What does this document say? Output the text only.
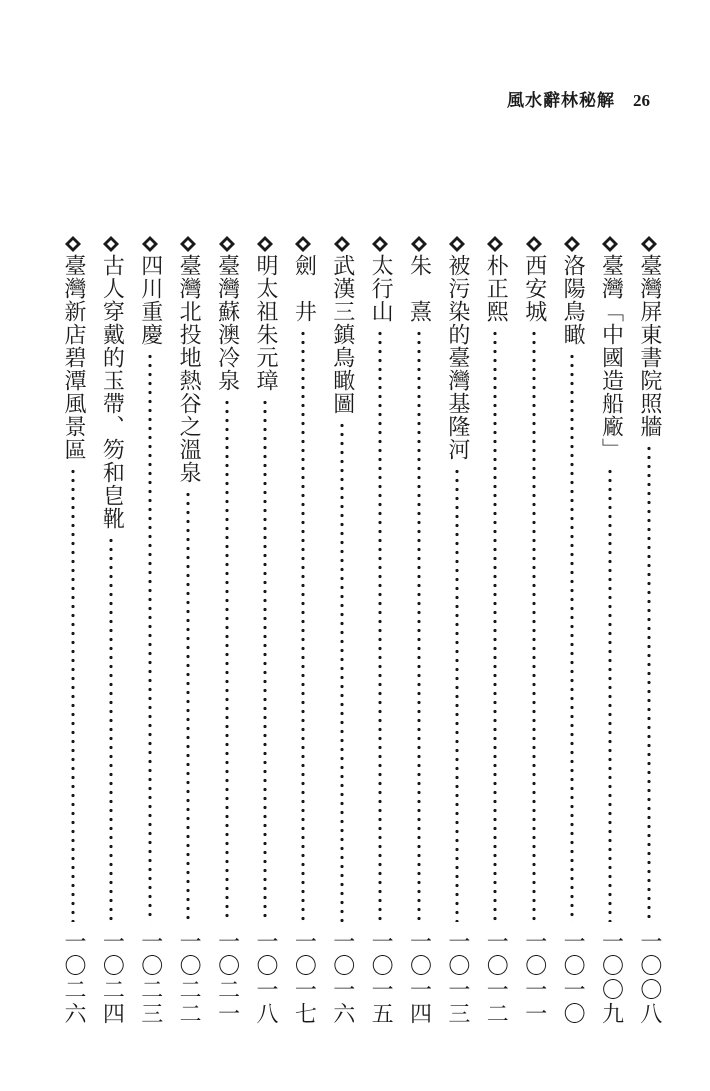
風水辭林秘解 26
臺灣屏東書院照牆
一〇〇八
臺灣「中國造船廠」
一〇〇九
洛陽鳥瞰
一〇一〇
西安城
一〇一一
朴正熙
一〇一二
被污染的臺灣基隆河
一〇一三
朱　熹
一〇一四
太行山
一〇一五
武漢三鎮鳥瞰圖
一〇一六
劍　井
一〇一七
明太祖朱元璋
一〇一八
臺灣蘇澳冷泉
一〇二一
臺灣北投地熱谷之溫泉
一〇二二
四川重慶
一〇二三
古人穿戴的玉帶、笏和皀靴
一〇二四
臺灣新店碧潭風景區
一〇二六
